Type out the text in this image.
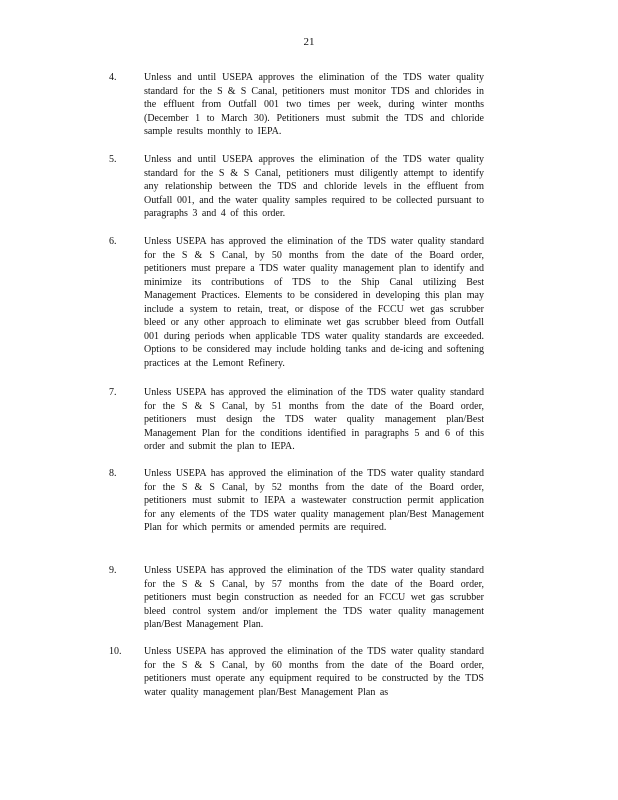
21
4.	Unless and until USEPA approves the elimination of the TDS water quality standard for the S & S Canal, petitioners must monitor TDS and chlorides in the effluent from Outfall 001 two times per week, during winter months (December 1 to March 30). Petitioners must submit the TDS and chloride sample results monthly to IEPA.
5.	Unless and until USEPA approves the elimination of the TDS water quality standard for the S & S Canal, petitioners must diligently attempt to identify any relationship between the TDS and chloride levels in the effluent from Outfall 001, and the water quality samples required to be collected pursuant to paragraphs 3 and 4 of this order.
6.	Unless USEPA has approved the elimination of the TDS water quality standard for the S & S Canal, by 50 months from the date of the Board order, petitioners must prepare a TDS water quality management plan to identify and minimize its contributions of TDS to the Ship Canal utilizing Best Management Practices. Elements to be considered in developing this plan may include a system to retain, treat, or dispose of the FCCU wet gas scrubber bleed or any other approach to eliminate wet gas scrubber bleed from Outfall 001 during periods when applicable TDS water quality standards are exceeded. Options to be considered may include holding tanks and de-icing and softening practices at the Lemont Refinery.
7.	Unless USEPA has approved the elimination of the TDS water quality standard for the S & S Canal, by 51 months from the date of the Board order, petitioners must design the TDS water quality management plan/Best Management Plan for the conditions identified in paragraphs 5 and 6 of this order and submit the plan to IEPA.
8.	Unless USEPA has approved the elimination of the TDS water quality standard for the S & S Canal, by 52 months from the date of the Board order, petitioners must submit to IEPA a wastewater construction permit application for any elements of the TDS water quality management plan/Best Management Plan for which permits or amended permits are required.
9.	Unless USEPA has approved the elimination of the TDS water quality standard for the S & S Canal, by 57 months from the date of the Board order, petitioners must begin construction as needed for an FCCU wet gas scrubber bleed control system and/or implement the TDS water quality management plan/Best Management Plan.
10. Unless USEPA has approved the elimination of the TDS water quality standard for the S & S Canal, by 60 months from the date of the Board order, petitioners must operate any equipment required to be constructed by the TDS water quality management plan/Best Management Plan as
